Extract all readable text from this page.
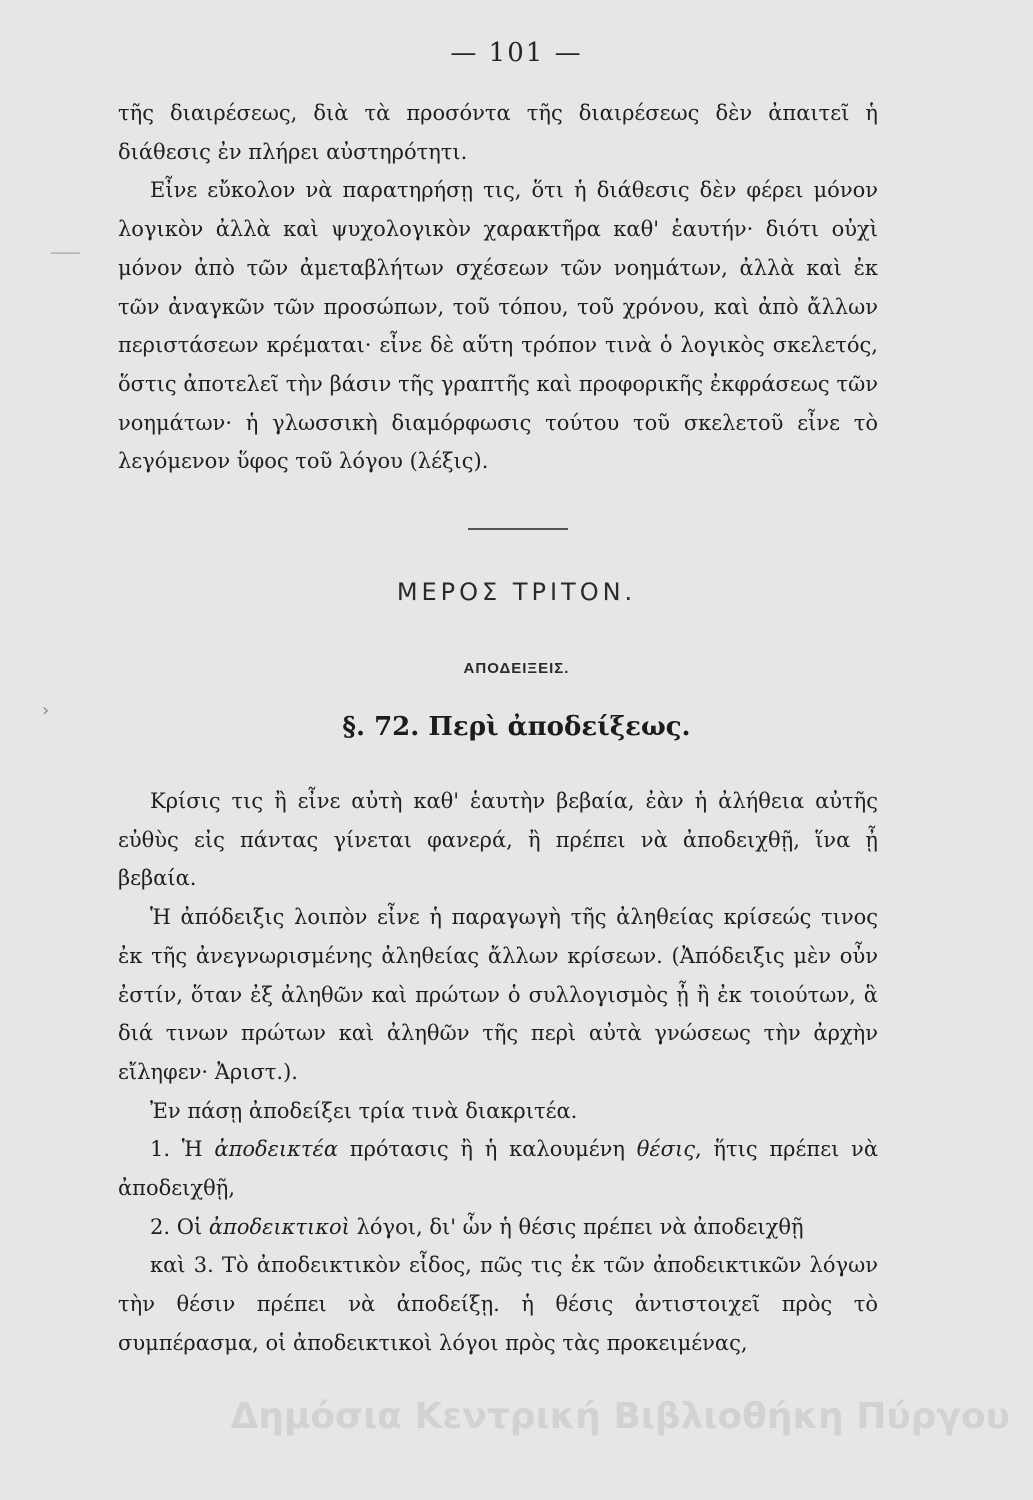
— 101 —
⸺
›

τῆς διαιρέσεως, διὰ τὰ προσόντα τῆς διαιρέσεως δὲν ἀπαιτεῖ ἡ

διάθεσις ἐν πλήρει αὐστηρότητι.

Εἶνε εὔκολον νὰ παρατηρήσῃ τις, ὅτι ἡ διάθεσις δὲν φέρει μόνον λογικὸν ἀλλὰ καὶ ψυχολογικὸν χαρακτῆρα καθ' ἑαυτήν· διότι οὐχὶ μόνον ἀπὸ τῶν ἀμεταβλήτων σχέσεων τῶν νοημάτων, ἀλλὰ καὶ ἐκ τῶν ἀναγκῶν τῶν προσώπων, τοῦ τόπου, τοῦ χρόνου, καὶ ἀπὸ ἄλλων περιστάσεων κρέμαται· εἶνε δὲ αὕτη τρόπον τινὰ ὁ λογικὸς σκελετός, ὅστις ἀποτελεῖ τὴν βάσιν τῆς γραπτῆς καὶ προφορικῆς ἐκφράσεως τῶν νοημάτων· ἡ γλωσσικὴ διαμόρφωσις τούτου τοῦ σκελετοῦ εἶνε τὸ λεγόμενον ὕφος τοῦ λόγου (λέξις).

ΜΕΡΟΣ ΤΡΙΤΟΝ.
ΑΠΟΔΕΙΞΕΙΣ.
§. 72. Περὶ ἀποδείξεως.

Κρίσις τις ἢ εἶνε αὐτὴ καθ' ἑαυτὴν βεβαία, ἐὰν ἡ ἀλήθεια αὐτῆς εὐθὺς εἰς πάντας γίνεται φανερά, ἢ πρέπει νὰ ἀποδειχθῇ, ἵνα ᾖ βεβαία.

Ἡ ἀπόδειξις λοιπὸν εἶνε ἡ παραγωγὴ τῆς ἀληθείας κρίσεώς τινος ἐκ τῆς ἀνεγνωρισμένης ἀληθείας ἄλλων κρίσεων. (Ἀπόδειξις μὲν οὖν ἐστίν, ὅταν ἐξ ἀληθῶν καὶ πρώτων ὁ συλλογισμὸς ᾖ ἢ ἐκ τοιούτων, ἃ διά τινων πρώτων καὶ ἀληθῶν τῆς περὶ αὐτὰ γνώσεως τὴν ἀρχὴν εἴληφεν· Ἀριστ.).

Ἐν πάσῃ ἀποδείξει τρία τινὰ διακριτέα.

1. Ἡ ἀποδεικτέα πρότασις ἢ ἡ καλουμένη θέσις, ἥτις πρέπει νὰ ἀποδειχθῇ,

2. Οἱ ἀποδεικτικοὶ λόγοι, δι' ὧν ἡ θέσις πρέπει νὰ ἀποδειχθῇ

καὶ 3. Τὸ ἀποδεικτικὸν εἶδος, πῶς τις ἐκ τῶν ἀποδεικτικῶν λόγων τὴν θέσιν πρέπει νὰ ἀποδείξῃ. ἡ θέσις ἀντιστοιχεῖ πρὸς τὸ συμπέρασμα, οἱ ἀποδεικτικοὶ λόγοι πρὸς τὰς προκειμένας,

Δημόσια Κεντρική Βιβλιοθήκη Πύργου
